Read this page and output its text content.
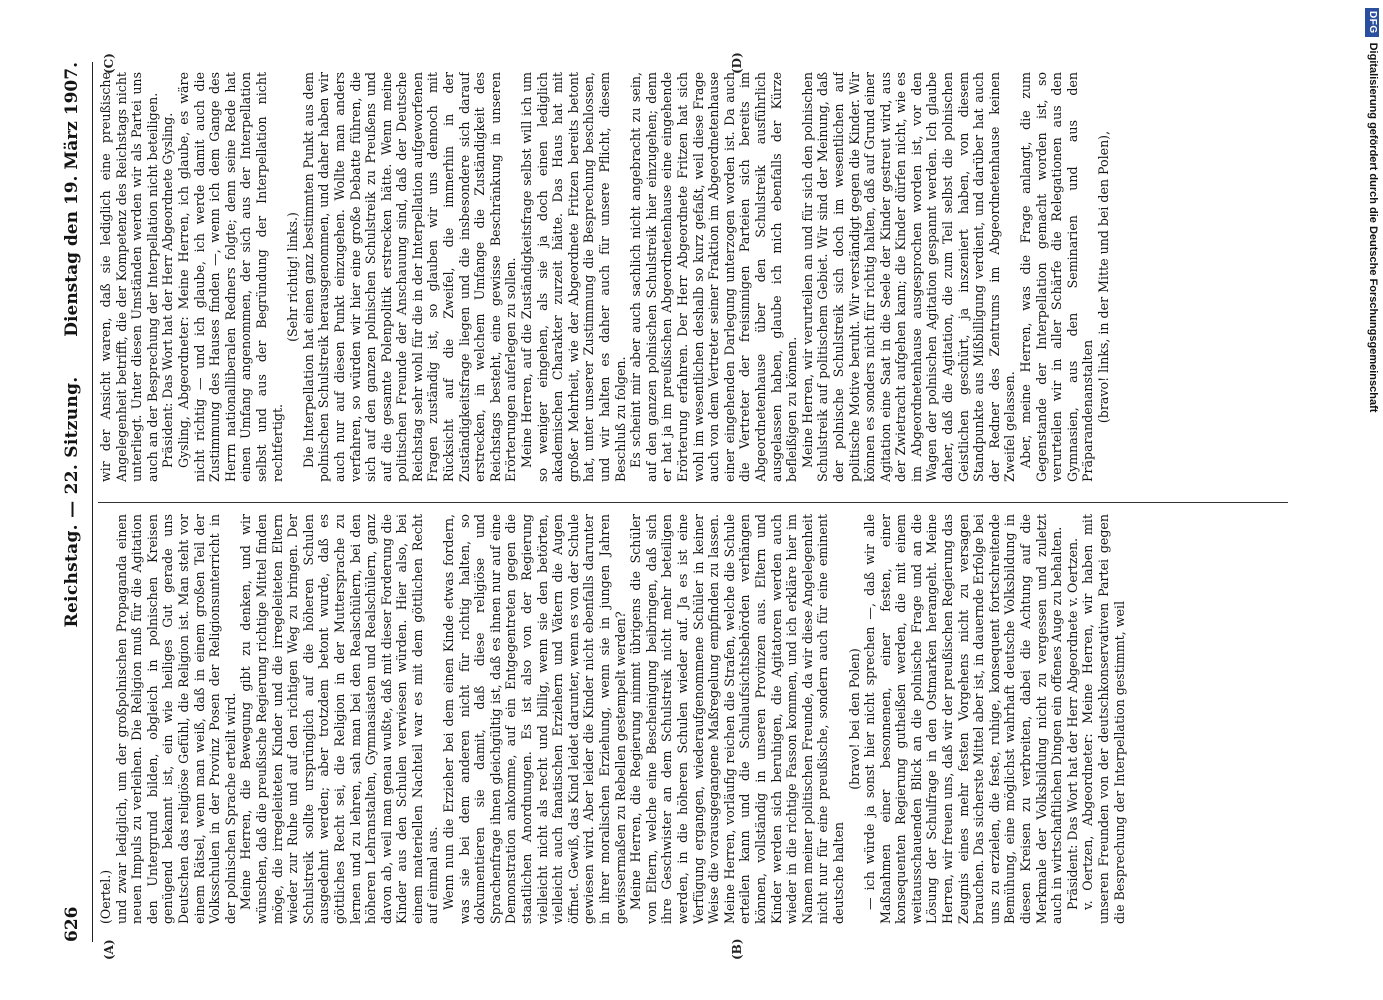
626
Reichstag. — 22. Sitzung.
Dienstag den 19. März 1907.
(A)	(B)
(C)	(D)

(Oertel.) und zwar lediglich, um der großpolnischen Propaganda einen neuen Impuls zu verleihen. Die Religion muß für die Agitation den Untergrund bilden, obgleich in polnischen Kreisen genügend bekannt ist, ein wie heiliges Gut gerade uns Deutschen das religiöse Gefühl, die Religion ist. Man steht vor einem Rätsel, wenn man weiß, daß in einem großen Teil der Volksschulen in der Provinz Posen der Religionsunterricht in der polnischen Sprache erteilt wird. Meine Herren, die Bewegung gibt zu denken, und wir wünschen, daß die preußische Regierung richtige Mittel finden möge, die irregeleiteten Kinder und die irregeleiteten Eltern wieder zur Ruhe und auf den richtigen Weg zu bringen. Der Schulstreik sollte ursprünglich auf die höheren Schulen ausgedehnt werden; aber trotzdem betont wurde, daß es göttliches Recht sei, die Religion in der Muttersprache zu lernen und zu lehren, sah man bei den Realschülern, bei den höheren Lehranstalten, Gymnasiasten und Realschülern, ganz davon ab, weil man genau wußte, daß mit dieser Forderung die Kinder aus den Schulen verwiesen würden. Hier also, bei einem materiellen Nachteil war es mit dem göttlichen Recht auf einmal aus. Wenn nun die Erzieher bei dem einen Kinde etwas fordern, was sie bei dem anderen nicht für richtig halten, so dokumentieren sie damit, daß diese religiöse und Sprachenfrage ihnen gleichgültig ist, daß es ihnen nur auf eine Demonstration ankomme, auf ein Entgegentreten gegen die staatlichen Anordnungen. Es ist also von der Regierung vielleicht nicht als recht und billig, wenn sie den betörten, vielleicht auch fanatischen Erziehern und Vätern die Augen öffnet. Gewiß, das Kind leidet darunter, wenn es von der Schule gewiesen wird. Aber leider die Kinder nicht ebenfalls darunter in ihrer moralischen Erziehung, wenn sie in jungen Jahren gewissermaßen zu Rebellen gestempelt werden? Meine Herren, die Regierung nimmt übrigens die Schüler von Eltern, welche eine Bescheinigung beibringen, daß sich ihre Geschwister an dem Schulstreik nicht mehr beteiligen werden, in die höheren Schulen wieder auf. Ja es ist eine Verfügung ergangen, wiederaufgenommene Schüler in keiner Weise die vorausgegangene Maßregelung empfinden zu lassen. Meine Herren, vorläufig reichen die Strafen, welche die Schule erteilen kann und die Schulaufsichtsbehörden verhängen können, vollständig in unseren Provinzen aus. Eltern und Kinder werden sich beruhigen, die Agitatoren werden auch wieder in die richtige Fasson kommen, und ich erkläre hier im Namen meiner politischen Freunde, da wir diese Angelegenheit nicht nur für eine preußische, sondern auch für eine eminent deutsche halten

(bravo! bei den Polen) — ich würde ja sonst hier nicht sprechen —, daß wir alle Maßnahmen einer besonnenen, einer festen, einer konsequenten Regierung gutheißen werden, die mit einem weitausschauenden Blick an die polnische Frage und an die Lösung der Schulfrage in den Ostmarken herangeht. Meine Herren, wir freuen uns, daß wir der preußischen Regierung das Zeugnis eines mehr festen Vorgehens nicht zu versagen brauchen. Das sicherste Mittel aber ist, in dauernde Erfolge bei uns zu erzielen, die feste, ruhige, konsequent fortschreitende Bemühung, eine möglichst wahrhaft deutsche Volksbildung in diesen Kreisen zu verbreiten, dabei die Achtung auf die Merkmale der Volksbildung nicht zu vergessen und zuletzt auch in wirtschaftlichen Dingen ein offenes Auge zu behalten. Präsident: Das Wort hat der Herr Abgeordnete v. Oertzen. v. Oertzen, Abgeordneter: Meine Herren, wir haben mit unseren Freunden von der deutschkonservativen Partei gegen die Besprechung der Interpellation gestimmt, weil

wir der Ansicht waren, daß sie lediglich eine preußische Angelegenheit betrifft, die der Kompetenz des Reichstags nicht unterliegt. Unter diesen Umständen werden wir als Partei uns auch an der Besprechung der Interpellation nicht beteiligen. Präsident: Das Wort hat der Herr Abgeordnete Gysling. Gysling, Abgeordneter: Meine Herren, ich glaube, es wäre nicht richtig — und ich glaube, ich werde damit auch die Zustimmung des Hauses finden —, wenn ich dem Gange des Herrn nationalliberalen Redners folgte; denn seine Rede hat einen Umfang angenommen, der sich aus der Interpellation selbst und aus der Begründung der Interpellation nicht rechtfertigt.

(Sehr richtig! links.) Die Interpellation hat einen ganz bestimmten Punkt aus dem polnischen Schulstreik herausgenommen, und daher haben wir auch nur auf diesen Punkt einzugehen. Wollte man anders verfahren, so würden wir hier eine große Debatte führen, die sich auf den ganzen polnischen Schulstreik zu Preußens und auf die gesamte Polenpolitik erstrecken hätte. Wenn meine politischen Freunde der Anschauung sind, daß der Deutsche Reichstag sehr wohl für die in der Interpellation aufgeworfenen Fragen zuständig ist, so glauben wir uns dennoch mit Rücksicht auf die Zweifel, die immerhin in der Zuständigkeitsfrage liegen und die insbesondere sich darauf erstrecken, in welchem Umfange die Zuständigkeit des Reichstags besteht, eine gewisse Beschränkung in unseren Erörterungen auferlegen zu sollen. Meine Herren, auf die Zuständigkeitsfrage selbst will ich um so weniger eingehen, als sie ja doch einen lediglich akademischen Charakter zurzeit hätte. Das Haus hat mit großer Mehrheit, wie der Abgeordnete Fritzen bereits betont hat, unter unserer Zustimmung die Besprechung beschlossen, und wir halten es daher auch für unsere Pflicht, diesem Beschluß zu folgen. Es scheint mir aber auch sachlich nicht angebracht zu sein, auf den ganzen polnischen Schulstreik hier einzugehen; denn er hat ja im preußischen Abgeordnetenhause eine eingehende Erörterung erfahren. Der Herr Abgeordnete Fritzen hat sich wohl im wesentlichen deshalb so kurz gefaßt, weil diese Frage auch von dem Vertreter seiner Fraktion im Abgeordnetenhause einer eingehenden Darlegung unterzogen worden ist. Da auch die Vertreter der freisinnigen Parteien sich bereits im Abgeordnetenhause über den Schulstreik ausführlich ausgelassen haben, glaube ich mich ebenfalls der Kürze befleißigen zu können. Meine Herren, wir verurteilen an und für sich den polnischen Schulstreik auf politischem Gebiet. Wir sind der Meinung, daß der polnische Schulstreik sich doch im wesentlichen auf politische Motive beruht. Wir verständigt gegen die Kinder. Wir können es sonders nicht für richtig halten, daß auf Grund einer Agitation eine Saat in die Seele der Kinder gestreut wird, aus der Zwietracht aufgehen kann; die Kinder dürfen nicht, wie es im Abgeordnetenhause ausgesprochen worden ist, vor den Wagen der polnischen Agitation gespannt werden. Ich glaube daher, daß die Agitation, die zum Teil selbst die polnischen Geistlichen geschürt, ja inszeniert haben, von diesem Standpunkte aus Mißbilligung verdient, und darüber hat auch der Redner des Zentrums im Abgeordnetenhause keinen Zweifel gelassen. Aber, meine Herren, was die Frage anlangt, die zum Gegenstande der Interpellation gemacht worden ist, so verurteilen wir in aller Schärfe die Relegationen aus den Gymnasien, aus den Seminarien und aus den Präparandenanstalten (bravo! links, in der Mitte und bei den Polen),

DFGDigitalisierung gefördert durch die Deutsche Forschungsgemeinschaft
